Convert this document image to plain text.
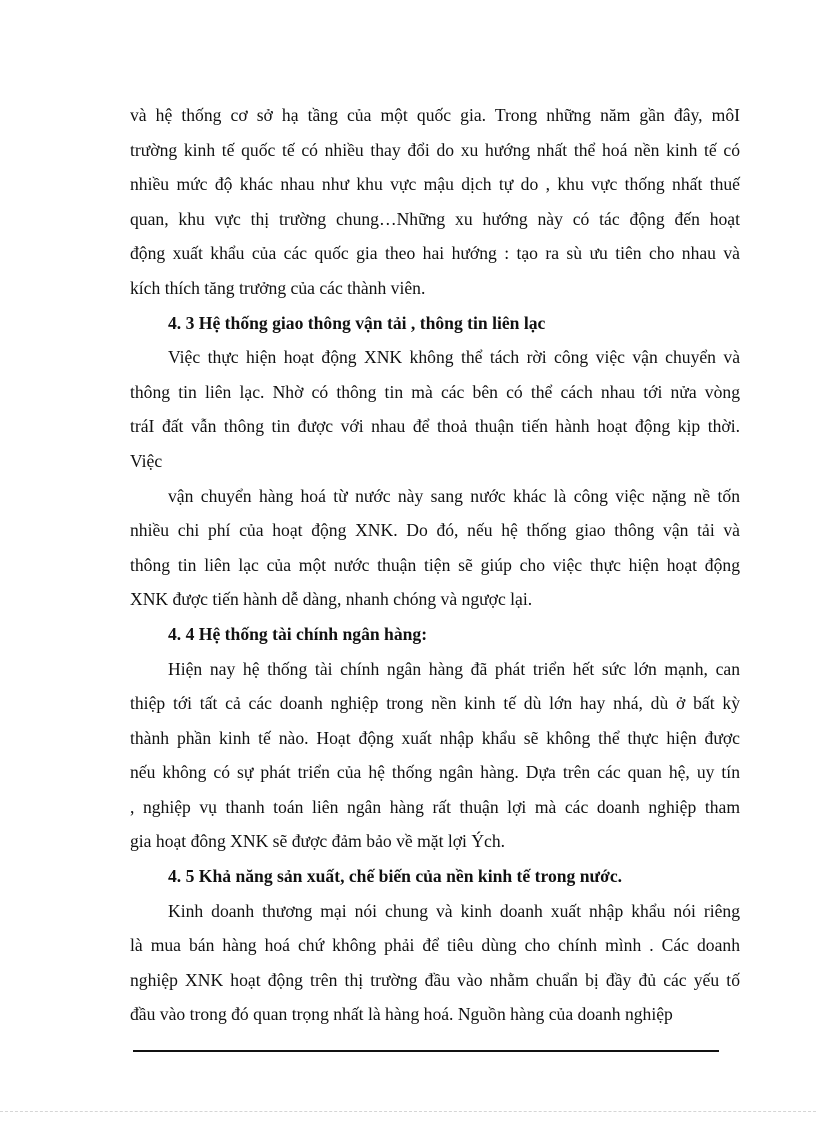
và hệ thống cơ sở hạ tầng của một quốc gia. Trong những năm gần đây, môI
trường kinh tế quốc tế có nhiều thay đổi do xu hướng nhất thể hoá nền kinh tế có
nhiều mức độ khác nhau như khu vực mậu dịch tự do , khu vực thống nhất thuế
quan, khu vực thị trường chung…Những xu hướng này có tác động đến hoạt
động xuất khẩu của các quốc gia theo hai hướng : tạo ra sù ưu tiên cho nhau và
kích thích tăng trưởng của các thành viên.
4. 3 Hệ thống giao thông vận tải , thông tin liên lạc
Việc thực hiện hoạt động XNK không thể tách rời công việc vận chuyển và
thông tin liên lạc. Nhờ có thông tin mà các bên có thể cách nhau tới nửa vòng
tráI đất vẫn thông tin được với nhau để thoả thuận tiến hành hoạt động kịp thời.
Việc
vận chuyển hàng hoá từ nước này sang nước khác là công việc nặng nề tốn
nhiều chi phí của hoạt động XNK. Do đó, nếu hệ thống giao thông vận tải và
thông tin liên lạc của một nước thuận tiện sẽ giúp cho việc thực hiện hoạt động
XNK được tiến hành dễ dàng, nhanh chóng và ngược lại.
4. 4 Hệ thống tài chính ngân hàng:
Hiện nay hệ thống tài chính ngân hàng đã phát triển hết sức lớn mạnh, can
thiệp tới tất cả các doanh nghiệp trong nền kinh tế dù lớn hay nhá, dù ở bất kỳ
thành phần kinh tế nào. Hoạt động xuất nhập khẩu sẽ không thể thực hiện được
nếu không có sự phát triển của hệ thống ngân hàng. Dựa trên các quan hệ, uy tín
, nghiệp vụ thanh toán liên ngân hàng rất thuận lợi mà các doanh nghiệp tham
gia hoạt đông XNK sẽ được đảm bảo về mặt lợi Ých.
4. 5 Khả năng sản xuất, chế biến của nền kinh tế trong nước.
Kinh doanh thương mại nói chung và kinh doanh xuất nhập khẩu nói riêng
là mua bán hàng hoá chứ không phải để tiêu dùng cho chính mình . Các doanh
nghiệp XNK hoạt động trên thị trường đầu vào nhằm chuẩn bị đầy đủ các yếu tố
đầu vào trong đó quan trọng nhất là hàng hoá. Nguồn hàng của doanh nghiệp
